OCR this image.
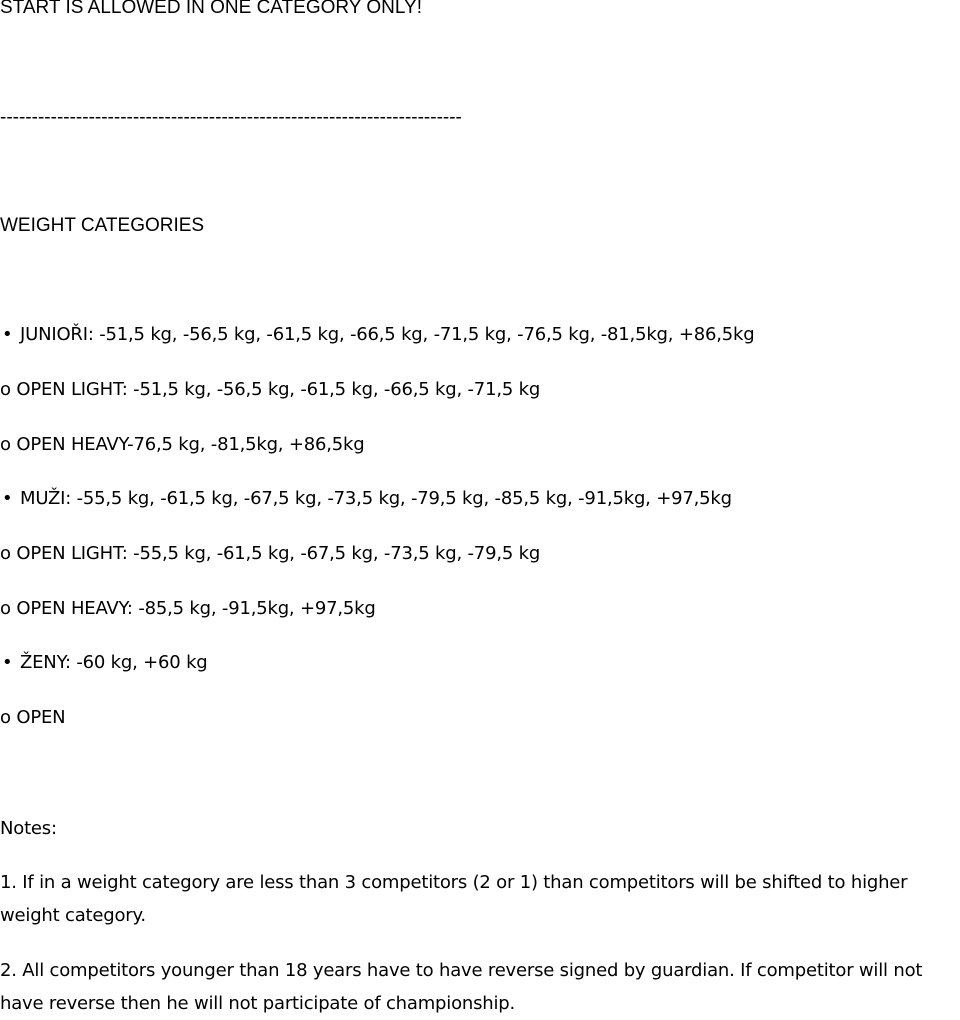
START IS ALLOWED IN ONE CATEGORY ONLY!
-------------------------------------------------------------------------
WEIGHT CATEGORIES
• JUNIOŘI: -51,5 kg, -56,5 kg, -61,5 kg, -66,5 kg, -71,5 kg, -76,5 kg, -81,5kg, +86,5kg
o OPEN LIGHT: -51,5 kg, -56,5 kg, -61,5 kg, -66,5 kg, -71,5 kg
o OPEN HEAVY-76,5 kg, -81,5kg, +86,5kg
• MUŽI: -55,5 kg, -61,5 kg, -67,5 kg, -73,5 kg, -79,5 kg, -85,5 kg, -91,5kg, +97,5kg
o OPEN LIGHT: -55,5 kg, -61,5 kg, -67,5 kg, -73,5 kg, -79,5 kg
o OPEN HEAVY: -85,5 kg, -91,5kg, +97,5kg
• ŽENY: -60 kg, +60 kg
o OPEN
Notes:
1. If in a weight category are less than 3 competitors (2 or 1) than competitors will be shifted to higher weight category.
2. All competitors younger than 18 years have to have reverse signed by guardian. If competitor will not have reverse then he will not participate of championship.
